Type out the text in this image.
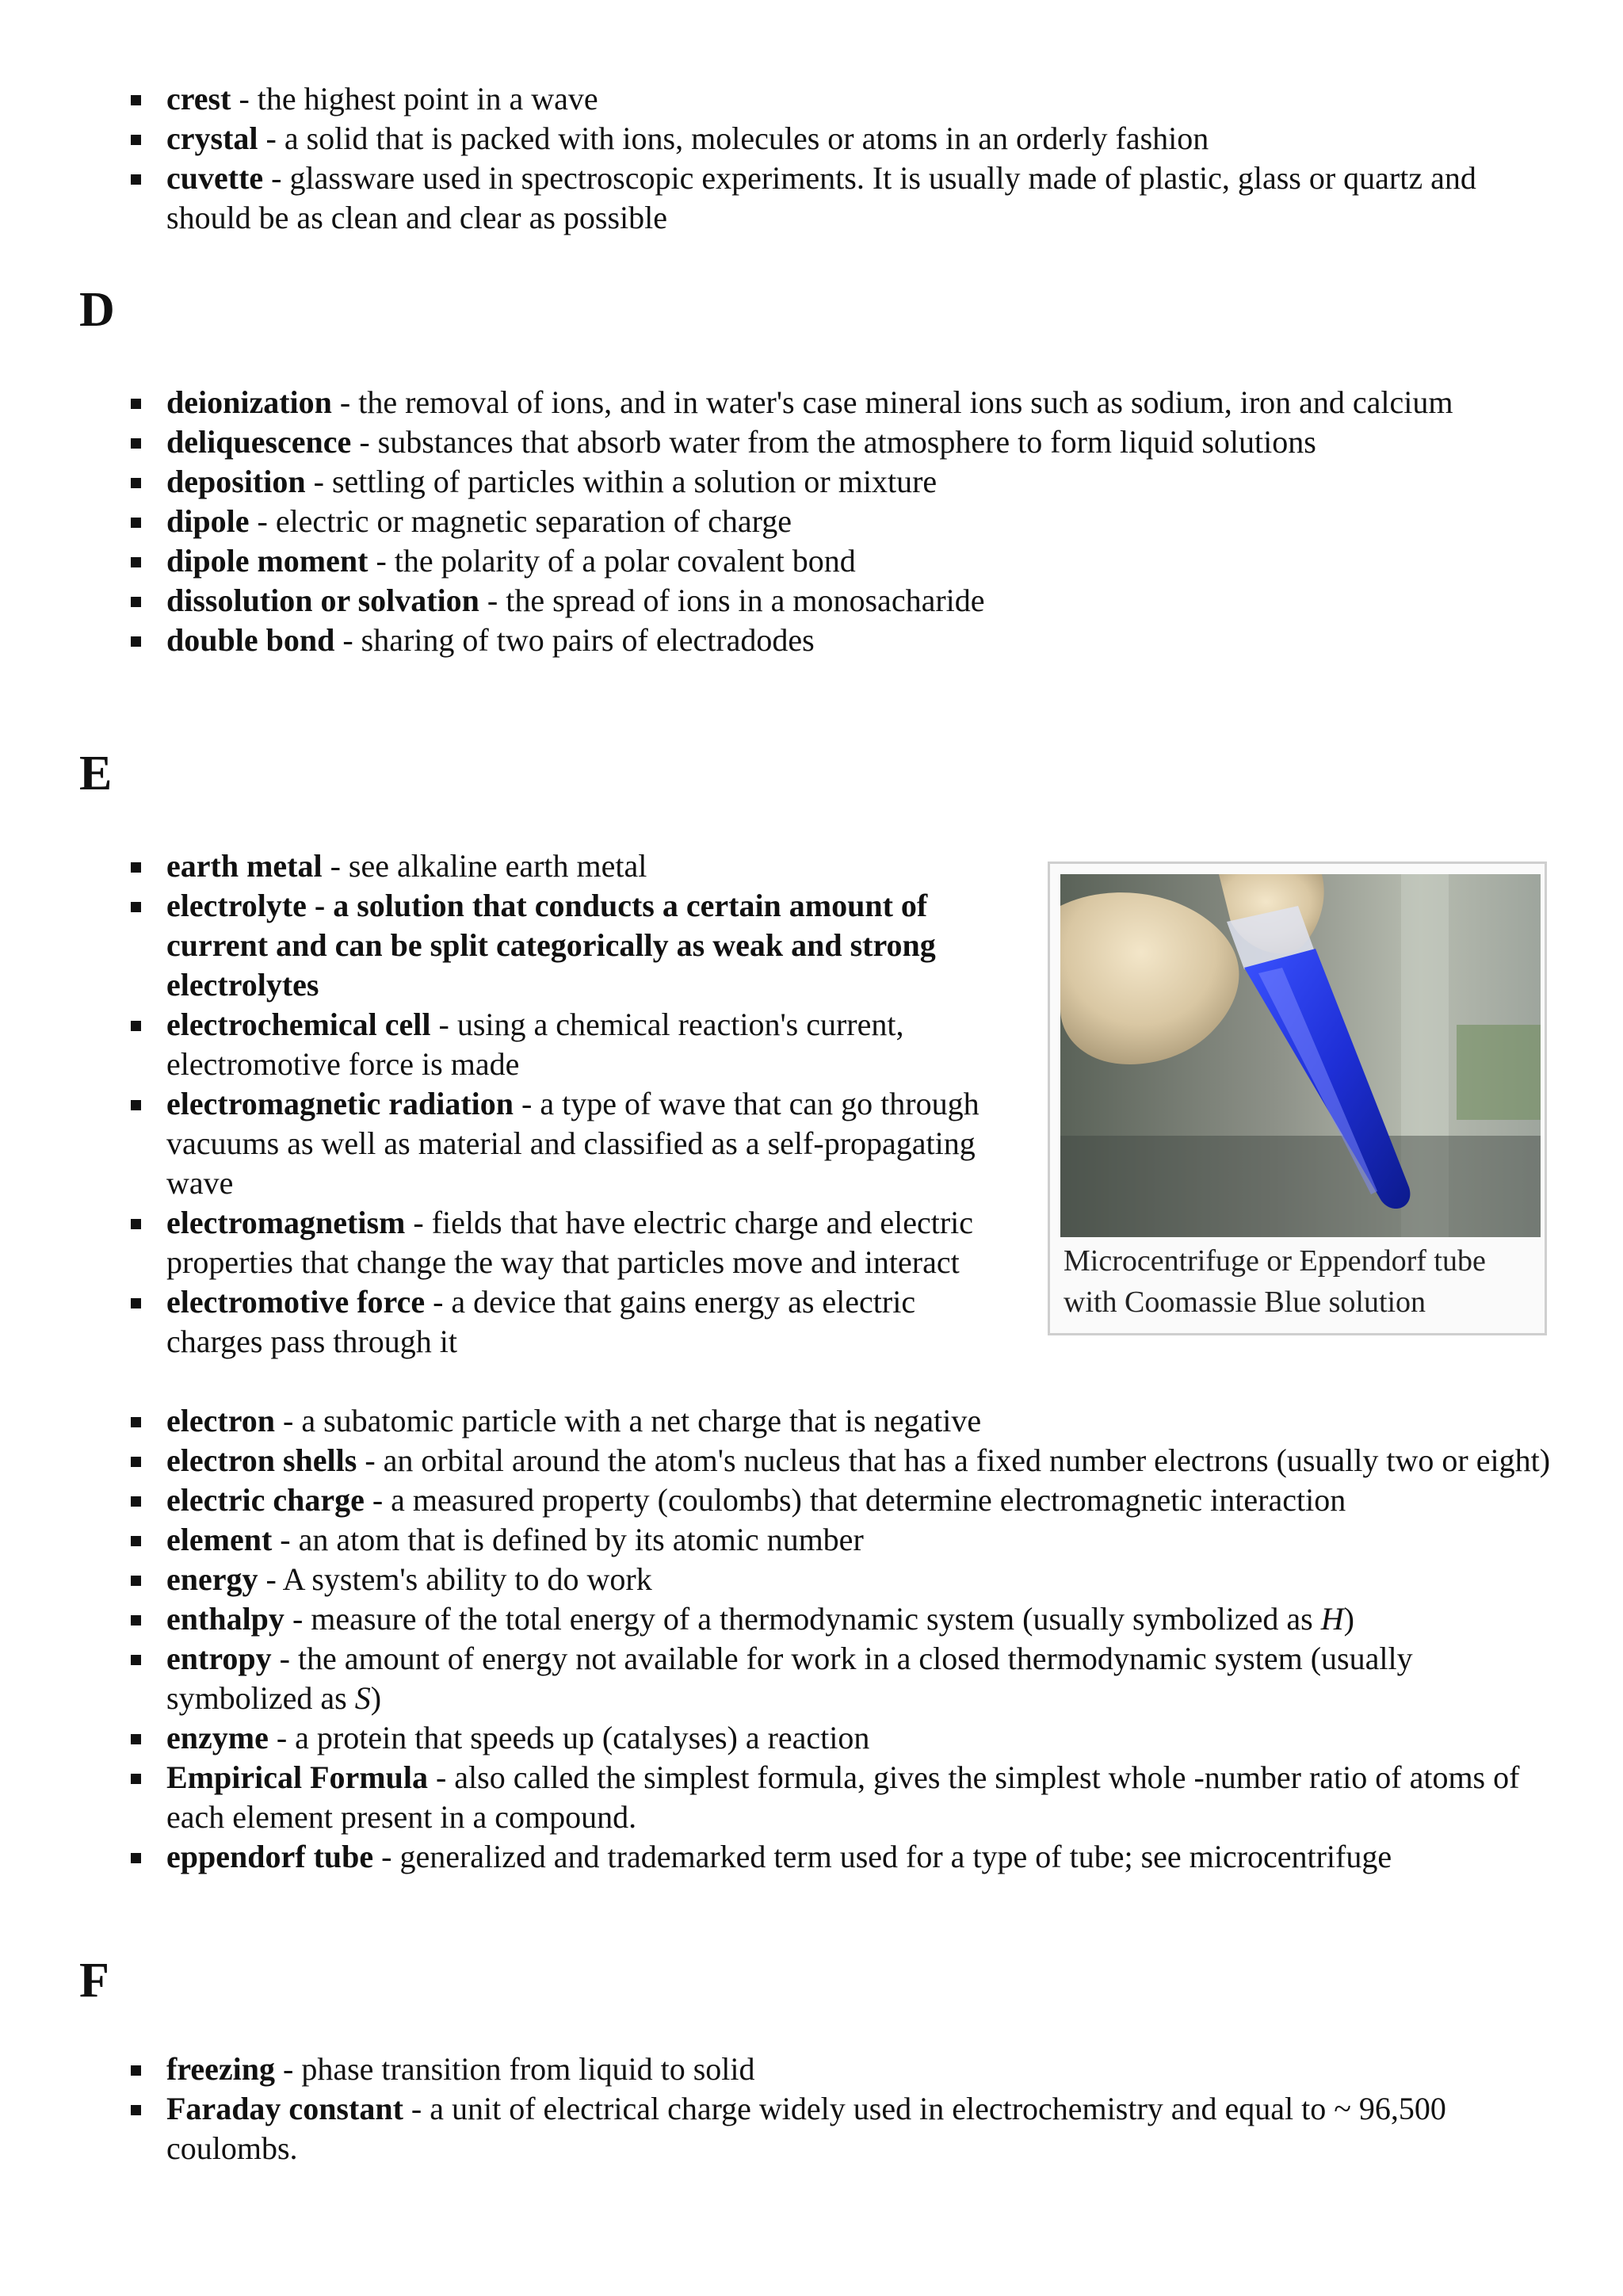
crest - the highest point in a wave
crystal - a solid that is packed with ions, molecules or atoms in an orderly fashion
cuvette - glassware used in spectroscopic experiments. It is usually made of plastic, glass or quartz and should be as clean and clear as possible
D
deionization - the removal of ions, and in water's case mineral ions such as sodium, iron and calcium
deliquescence - substances that absorb water from the atmosphere to form liquid solutions
deposition - settling of particles within a solution or mixture
dipole - electric or magnetic separation of charge
dipole moment - the polarity of a polar covalent bond
dissolution or solvation - the spread of ions in a monosacharide
double bond - sharing of two pairs of electradodes
E
earth metal - see alkaline earth metal
electrolyte - a solution that conducts a certain amount of current and can be split categorically as weak and strong electrolytes
electrochemical cell - using a chemical reaction's current, electromotive force is made
electromagnetic radiation - a type of wave that can go through vacuums as well as material and classified as a self-propagating wave
electromagnetism - fields that have electric charge and electric properties that change the way that particles move and interact
electromotive force - a device that gains energy as electric charges pass through it
electron - a subatomic particle with a net charge that is negative
electron shells - an orbital around the atom's nucleus that has a fixed number electrons (usually two or eight)
electric charge - a measured property (coulombs) that determine electromagnetic interaction
element - an atom that is defined by its atomic number
energy - A system's ability to do work
enthalpy - measure of the total energy of a thermodynamic system (usually symbolized as H)
entropy - the amount of energy not available for work in a closed thermodynamic system (usually symbolized as S)
enzyme - a protein that speeds up (catalyses) a reaction
Empirical Formula - also called the simplest formula, gives the simplest whole -number ratio of atoms of each element present in a compound.
eppendorf tube - generalized and trademarked term used for a type of tube; see microcentrifuge
Microcentrifuge or Eppendorf tube with Coomassie Blue solution
F
freezing - phase transition from liquid to solid
Faraday constant - a unit of electrical charge widely used in electrochemistry and equal to ~ 96,500 coulombs.
